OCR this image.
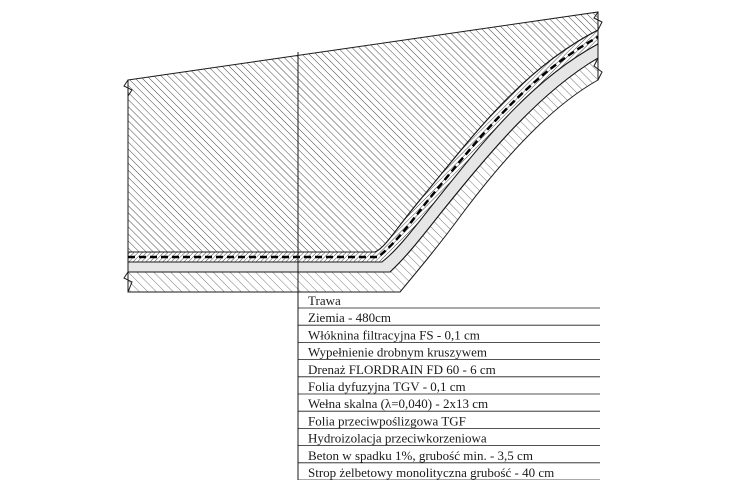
Trawa
Ziemia - 480cm
Włóknina filtracyjna FS - 0,1 cm
Wypełnienie drobnym kruszywem
Drenaż FLORDRAIN FD 60 - 6 cm
Folia dyfuzyjna TGV - 0,1 cm
Wełna skalna (λ=0,040) - 2x13 cm
Folia przeciwpoślizgowa TGF
Hydroizolacja przeciwkorzeniowa
Beton w spadku 1%, grubość min. - 3,5 cm
Strop żelbetowy monolityczna grubość - 40 cm
